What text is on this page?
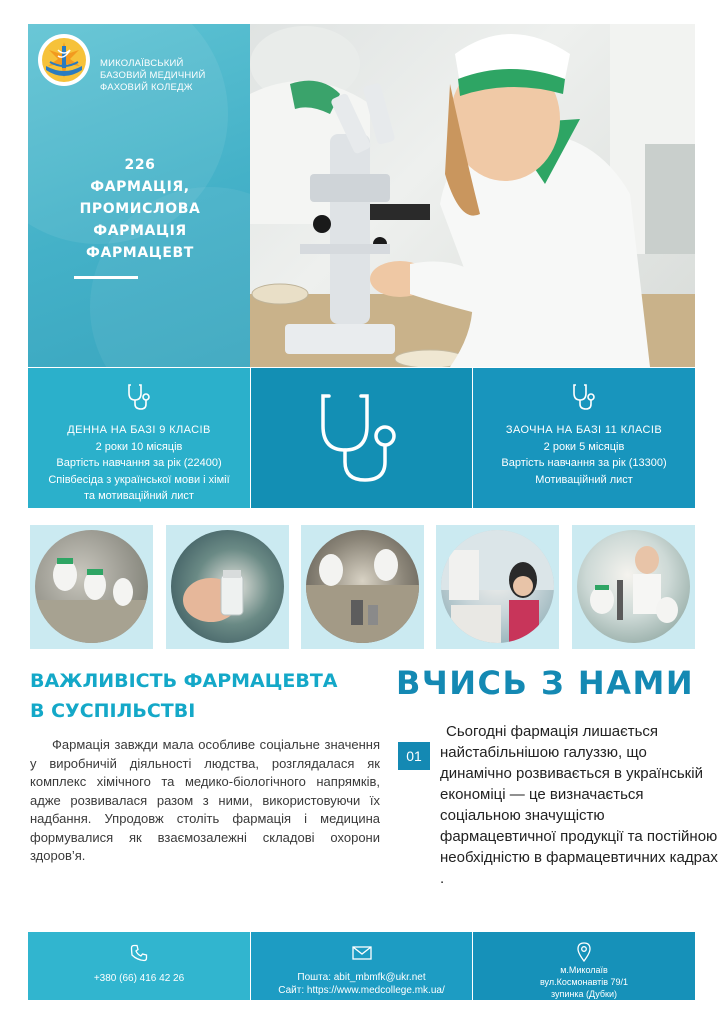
МИКОЛАЇВСЬКИЙ
БАЗОВИЙ МЕДИЧНИЙ
ФАХОВИЙ КОЛЕДЖ
226
ФАРМАЦІЯ,
ПРОМИСЛОВА
ФАРМАЦІЯ
ФАРМАЦЕВТ
ДЕННА НА БАЗІ 9 КЛАСІВ
2 роки 10 місяців
Вартість навчання за рік (22400)
Співбесіда з української мови і хімії
та мотиваційний лист
ЗАОЧНА НА БАЗІ 11 КЛАСІВ
2 роки 5 місяців
Вартість навчання за рік (13300)
Мотиваційний лист
ВАЖЛИВІСТЬ ФАРМАЦЕВТА
В СУСПІЛЬСТВІ

Фармація завжди мала особливе соціальне значення у виробничій діяльності людства, розглядалася як комплекс хімічного та медико-біологічного напрямків, адже розвивалася разом з ними, використовуючи їх надбання. Упродовж століть фармація і медицина формувалися як взаємозалежні складові охорони здоров’я.

ВЧИСЬ З НАМИ
01

Сьогодні фармація лишається найстабільнішою галуззю, що динамічно розвивається в українській економіці — це визначається соціальною значущістю фармацевтичної продукції та постійною необхідністю в фармацевтичних кадрах .

+380 (66) 416 42 26	Пошта: abit_mbmfk@ukr.net
Сайт: https://www.medcollege.mk.ua/
м.Миколаїв
вул.Космонавтів 79/1
зупинка (Дубки)
